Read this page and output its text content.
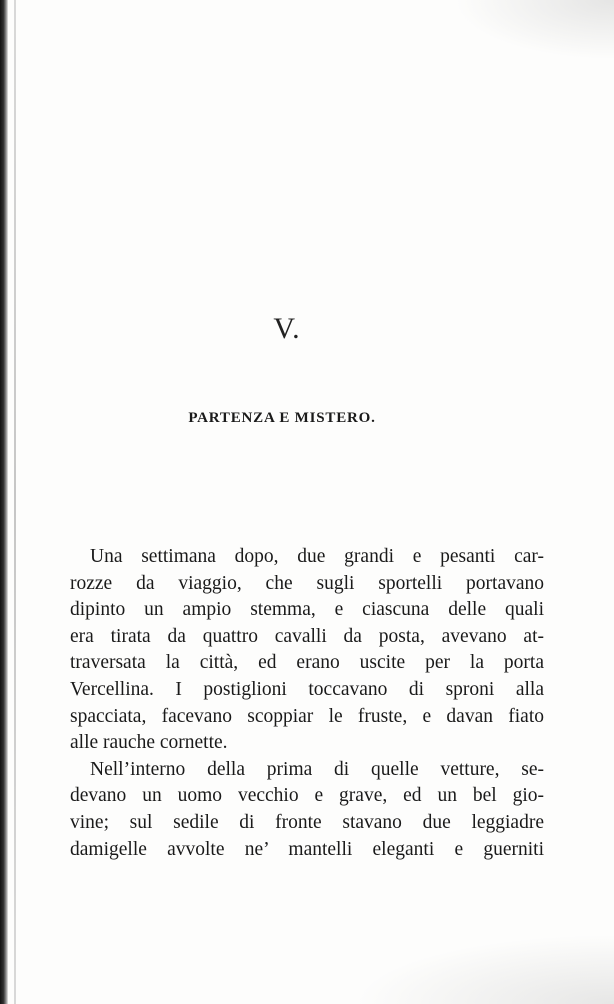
V.
PARTENZA E MISTERO.
Una settimana dopo, due grandi e pesanti car-
rozze da viaggio, che sugli sportelli portavano
dipinto un ampio stemma, e ciascuna delle quali
era tirata da quattro cavalli da posta, avevano at-
traversata la città, ed erano uscite per la porta
Vercellina. I postiglioni toccavano di sproni alla
spacciata, facevano scoppiar le fruste, e davan fiato
alle rauche cornette.
Nell’interno della prima di quelle vetture, se-
devano un uomo vecchio e grave, ed un bel gio-
vine; sul sedile di fronte stavano due leggiadre
damigelle avvolte ne’ mantelli eleganti e guerniti
